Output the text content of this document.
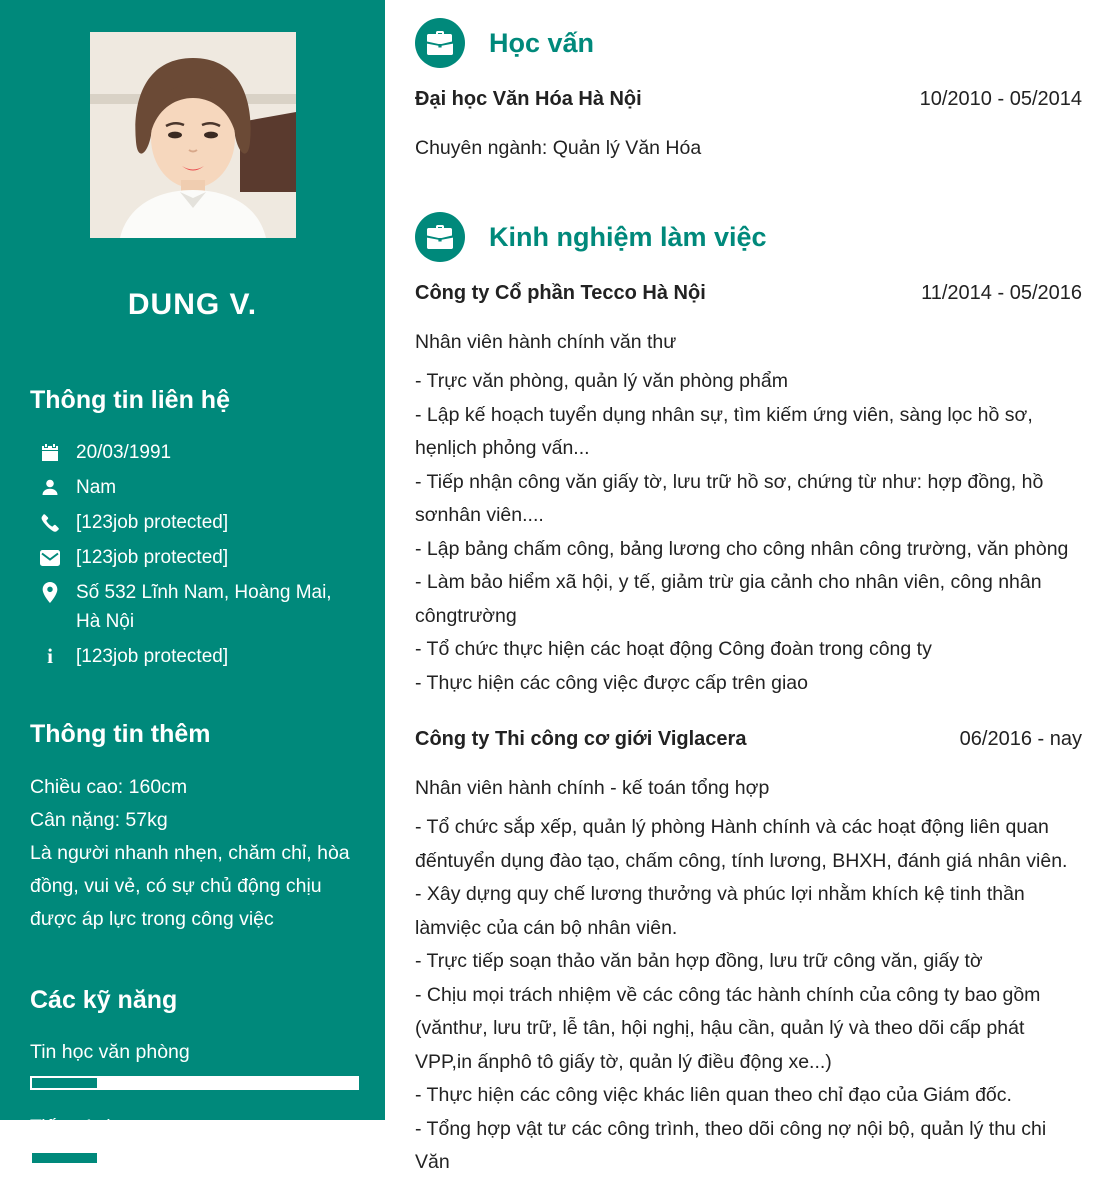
DUNG V.
Thông tin liên hệ
20/03/1991
Nam
[123job protected]
[123job protected]
Số 532 Lĩnh Nam, Hoàng Mai, Hà Nội
i	[123job protected]
Thông tin thêm
Chiều cao: 160cm
Cân nặng: 57kg
Là người nhanh nhẹn, chăm chỉ, hòa đồng, vui vẻ, có sự chủ động chịu được áp lực trong công việc
Các kỹ năng
Tin học văn phòng
Tiếng Anh
Học vấn
Đại học Văn Hóa Hà Nội	10/2010 - 05/2014
Chuyên ngành: Quản lý Văn Hóa
Kinh nghiệm làm việc
Công ty Cổ phần Tecco Hà Nội	11/2014 - 05/2016
Nhân viên hành chính văn thư

- Trực văn phòng, quản lý văn phòng phẩm

- Lập kế hoạch tuyển dụng nhân sự, tìm kiếm ứng viên, sàng lọc hồ sơ, hẹnlịch phỏng vấn...

- Tiếp nhận công văn giấy tờ, lưu trữ hồ sơ, chứng từ như: hợp đồng, hồ sơnhân viên....

- Lập bảng chấm công, bảng lương cho công nhân công trường, văn phòng

- Làm bảo hiểm xã hội, y tế, giảm trừ gia cảnh cho nhân viên, công nhân côngtrường

- Tổ chức thực hiện các hoạt động Công đoàn trong công ty

- Thực hiện các công việc được cấp trên giao

Công ty Thi công cơ giới Viglacera	06/2016 - nay
Nhân viên hành chính - kế toán tổng hợp

- Tổ chức sắp xếp, quản lý phòng Hành chính và các hoạt động liên quan đếntuyển dụng đào tạo, chấm công, tính lương, BHXH, đánh giá nhân viên.

- Xây dựng quy chế lương thưởng và phúc lợi nhằm khích kệ tinh thần làmviệc của cán bộ nhân viên.

- Trực tiếp soạn thảo văn bản hợp đồng, lưu trữ công văn, giấy tờ

- Chịu mọi trách nhiệm về các công tác hành chính của công ty bao gồm (vănthư, lưu trữ, lễ tân, hội nghị, hậu cần, quản lý và theo dõi cấp phát VPP,in ấnphô tô giấy tờ, quản lý điều động xe...)

- Thực hiện các công việc khác liên quan theo chỉ đạo của Giám đốc.

- Tổng hợp vật tư các công trình, theo dõi công nợ nội bộ, quản lý thu chi Văn
